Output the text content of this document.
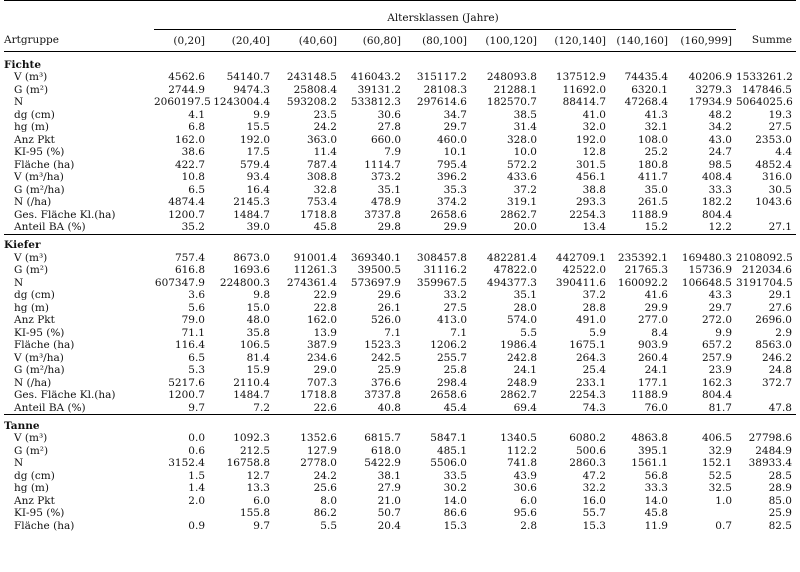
	Altersklassen (Jahre)									
Artgruppe	(0,20]	(20,40]	(40,60]	(60,80]	(80,100]	(100,120]	(120,140]	(140,160]	(160,999]	Summe

Fichte										
V (m³)	4562.6	54140.7	243148.5	416043.2	315117.2	248093.8	137512.9	74435.4	40206.9	1533261.2
G (m²)	2744.9	9474.3	25808.4	39131.2	28108.3	21288.1	11692.0	6320.1	3279.3	147846.5
N	2060197.5	1243004.4	593208.2	533812.3	297614.6	182570.7	88414.7	47268.4	17934.9	5064025.6
dg (cm)	4.1	9.9	23.5	30.6	34.7	38.5	41.0	41.3	48.2	19.3
hg (m)	6.8	15.5	24.2	27.8	29.7	31.4	32.0	32.1	34.2	27.5
Anz Pkt	162.0	192.0	363.0	660.0	460.0	328.0	192.0	108.0	43.0	2353.0
KI-95 (%)	38.6	17.5	11.4	7.9	10.1	10.0	12.8	25.2	24.7	4.4
Fläche (ha)	422.7	579.4	787.4	1114.7	795.4	572.2	301.5	180.8	98.5	4852.4
V (m³/ha)	10.8	93.4	308.8	373.2	396.2	433.6	456.1	411.7	408.4	316.0
G (m²/ha)	6.5	16.4	32.8	35.1	35.3	37.2	38.8	35.0	33.3	30.5
N (/ha)	4874.4	2145.3	753.4	478.9	374.2	319.1	293.3	261.5	182.2	1043.6
Ges. Fläche Kl.(ha)	1200.7	1484.7	1718.8	3737.8	2658.6	2862.7	2254.3	1188.9	804.4	
Anteil BA (%)	35.2	39.0	45.8	29.8	29.9	20.0	13.4	15.2	12.2	27.1

Kiefer										
V (m³)	757.4	8673.0	91001.4	369340.1	308457.8	482281.4	442709.1	235392.1	169480.3	2108092.5
G (m²)	616.8	1693.6	11261.3	39500.5	31116.2	47822.0	42522.0	21765.3	15736.9	212034.6
N	607347.9	224800.3	274361.4	573697.9	359967.5	494377.3	390411.6	160092.2	106648.5	3191704.5
dg (cm)	3.6	9.8	22.9	29.6	33.2	35.1	37.2	41.6	43.3	29.1
hg (m)	5.6	15.0	22.8	26.1	27.5	28.0	28.8	29.9	29.7	27.6
Anz Pkt	79.0	48.0	162.0	526.0	413.0	574.0	491.0	277.0	272.0	2696.0
KI-95 (%)	71.1	35.8	13.9	7.1	7.1	5.5	5.9	8.4	9.9	2.9
Fläche (ha)	116.4	106.5	387.9	1523.3	1206.2	1986.4	1675.1	903.9	657.2	8563.0
V (m³/ha)	6.5	81.4	234.6	242.5	255.7	242.8	264.3	260.4	257.9	246.2
G (m²/ha)	5.3	15.9	29.0	25.9	25.8	24.1	25.4	24.1	23.9	24.8
N (/ha)	5217.6	2110.4	707.3	376.6	298.4	248.9	233.1	177.1	162.3	372.7
Ges. Fläche Kl.(ha)	1200.7	1484.7	1718.8	3737.8	2658.6	2862.7	2254.3	1188.9	804.4	
Anteil BA (%)	9.7	7.2	22.6	40.8	45.4	69.4	74.3	76.0	81.7	47.8

Tanne										
V (m³)	0.0	1092.3	1352.6	6815.7	5847.1	1340.5	6080.2	4863.8	406.5	27798.6
G (m²)	0.6	212.5	127.9	618.0	485.1	112.2	500.6	395.1	32.9	2484.9
N	3152.4	16758.8	2778.0	5422.9	5506.0	741.8	2860.3	1561.1	152.1	38933.4
dg (cm)	1.5	12.7	24.2	38.1	33.5	43.9	47.2	56.8	52.5	28.5
hg (m)	1.4	13.3	25.6	27.9	30.2	30.6	32.2	33.3	32.5	28.9
Anz Pkt	2.0	6.0	8.0	21.0	14.0	6.0	16.0	14.0	1.0	85.0
KI-95 (%)		155.8	86.2	50.7	86.6	95.6	55.7	45.8		25.9
Fläche (ha)	0.9	9.7	5.5	20.4	15.3	2.8	15.3	11.9	0.7	82.5
